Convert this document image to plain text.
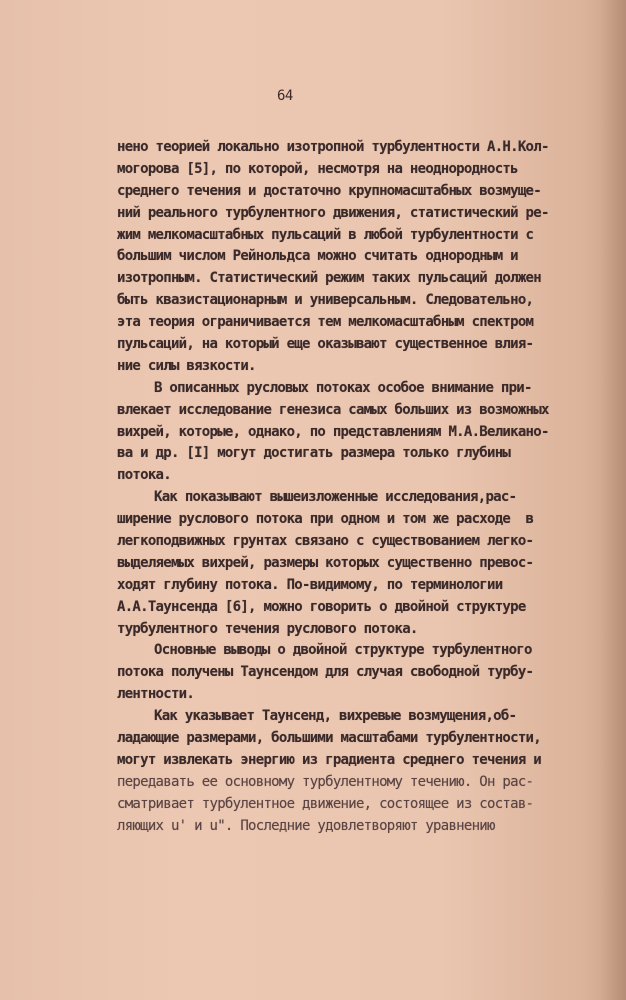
64
нено теорией локально изотропной турбулентности А.Н.Кол-
могорова [5], по которой, несмотря на неоднородность
среднего течения и достаточно крупномасштабных возмуще-
ний реального турбулентного движения, статистический ре-
жим мелкомасштабных пульсаций в любой турбулентности с
большим числом Рейнольдса можно считать однородным и
изотропным. Статистический режим таких пульсаций должен
быть квазистационарным и универсальным. Следовательно,
эта теория ограничивается тем мелкомасштабным спектром
пульсаций, на который еще оказывают существенное влия-
ние силы вязкости.
В описанных русловых потоках особое внимание при-
влекает исследование генезиса самых больших из возможных
вихрей, которые, однако, по представлениям М.А.Великано-
ва и др. [I] могут достигать размера только глубины
потока.
Как показывают вышеизложенные исследования,рас-
ширение руслового потока при одном и том же расходе  в
легкоподвижных грунтах связано с существованием легко-
выделяемых вихрей, размеры которых существенно превос-
ходят глубину потока. По-видимому, по терминологии
А.А.Таунсенда [6], можно говорить о двойной структуре
турбулентного течения руслового потока.
Основные выводы о двойной структуре турбулентного
потока получены Таунсендом для случая свободной турбу-
лентности.
Как указывает Таунсенд, вихревые возмущения,об-
ладающие размерами, большими масштабами турбулентности,
могут извлекать энергию из градиента среднего течения и
передавать ее основному турбулентному течению. Он рас-
сматривает турбулентное движение, состоящее из состав-
ляющих u' и u". Последние удовлетворяют уравнению
